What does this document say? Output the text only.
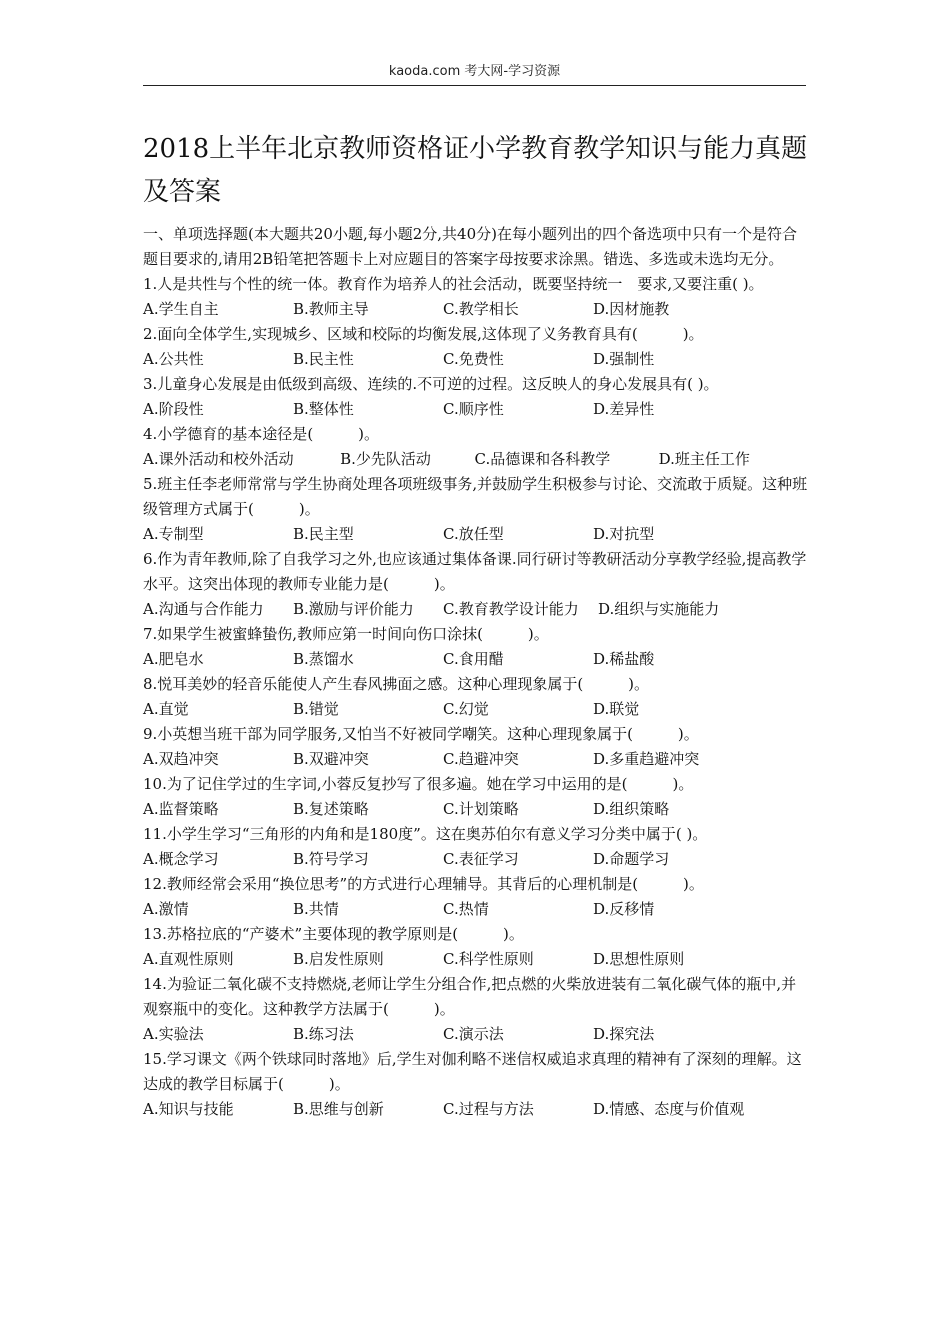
kaoda.com 考大网-学习资源
2018上半年北京教师资格证小学教育教学知识与能力真题及答案
一、单项选择题(本大题共20小题,每小题2分,共40分)在每小题列出的四个备选项中只有一个是符合题目要求的,请用2B铅笔把答题卡上对应题目的答案字母按要求涂黑。错选、多选或未选均无分。
1.人是共性与个性的统一体。教育作为培养人的社会活动，既要坚持统一　要求,又要注重( )。
A.学生自主	B.教师主导	C.教学相长	D.因材施教
2.面向全体学生,实现城乡、区域和校际的均衡发展,这体现了义务教育具有(　　　)。
A.公共性	B.民主性	C.免费性	D.强制性
3.儿童身心发展是由低级到高级、连续的.不可逆的过程。这反映人的身心发展具有( )。
A.阶段性	B.整体性	C.顺序性	D.差异性
4.小学德育的基本途径是(　　　)。
A.课外活动和校外活动	B.少先队活动	C.品德课和各科教学	D.班主任工作
5.班主任李老师常常与学生协商处理各项班级事务,并鼓励学生积极参与讨论、交流敢于质疑。这种班级管理方式属于(　　　)。
A.专制型	B.民主型	C.放任型	D.对抗型
6.作为青年教师,除了自我学习之外,也应该通过集体备课.同行研讨等教研活动分享教学经验,提高教学水平。这突出体现的教师专业能力是(　　　)。
A.沟通与合作能力	B.激励与评价能力	C.教育教学设计能力	D.组织与实施能力
7.如果学生被蜜蜂蛰伤,教师应第一时间向伤口涂抹(　　　)。
A.肥皂水	B.蒸馏水	C.食用醋	D.稀盐酸
8.悦耳美妙的轻音乐能使人产生春风拂面之感。这种心理现象属于(　　　)。
A.直觉	B.错觉	C.幻觉	D.联觉
9.小英想当班干部为同学服务,又怕当不好被同学嘲笑。这种心理现象属于(　　　)。
A.双趋冲突	B.双避冲突	C.趋避冲突	D.多重趋避冲突
10.为了记住学过的生字词,小蓉反复抄写了很多遍。她在学习中运用的是(　　　)。
A.监督策略	B.复述策略	C.计划策略	D.组织策略
11.小学生学习“三角形的内角和是180度”。这在奥苏伯尔有意义学习分类中属于( )。
A.概念学习	B.符号学习	C.表征学习	D.命题学习
12.教师经常会采用“换位思考”的方式进行心理辅导。其背后的心理机制是(　　　)。
A.激情	B.共情	C.热情	D.反移情
13.苏格拉底的“产婆术”主要体现的教学原则是(　　　)。
A.直观性原则	B.启发性原则	C.科学性原则	D.思想性原则
14.为验证二氧化碳不支持燃烧,老师让学生分组合作,把点燃的火柴放进装有二氧化碳气体的瓶中,并观察瓶中的变化。这种教学方法属于(　　　)。
A.实验法	B.练习法	C.演示法	D.探究法
15.学习课文《两个铁球同时落地》后,学生对伽利略不迷信权威追求真理的精神有了深刻的理解。这达成的教学目标属于(　　　)。
A.知识与技能	B.思维与创新	C.过程与方法	D.情感、态度与价值观
